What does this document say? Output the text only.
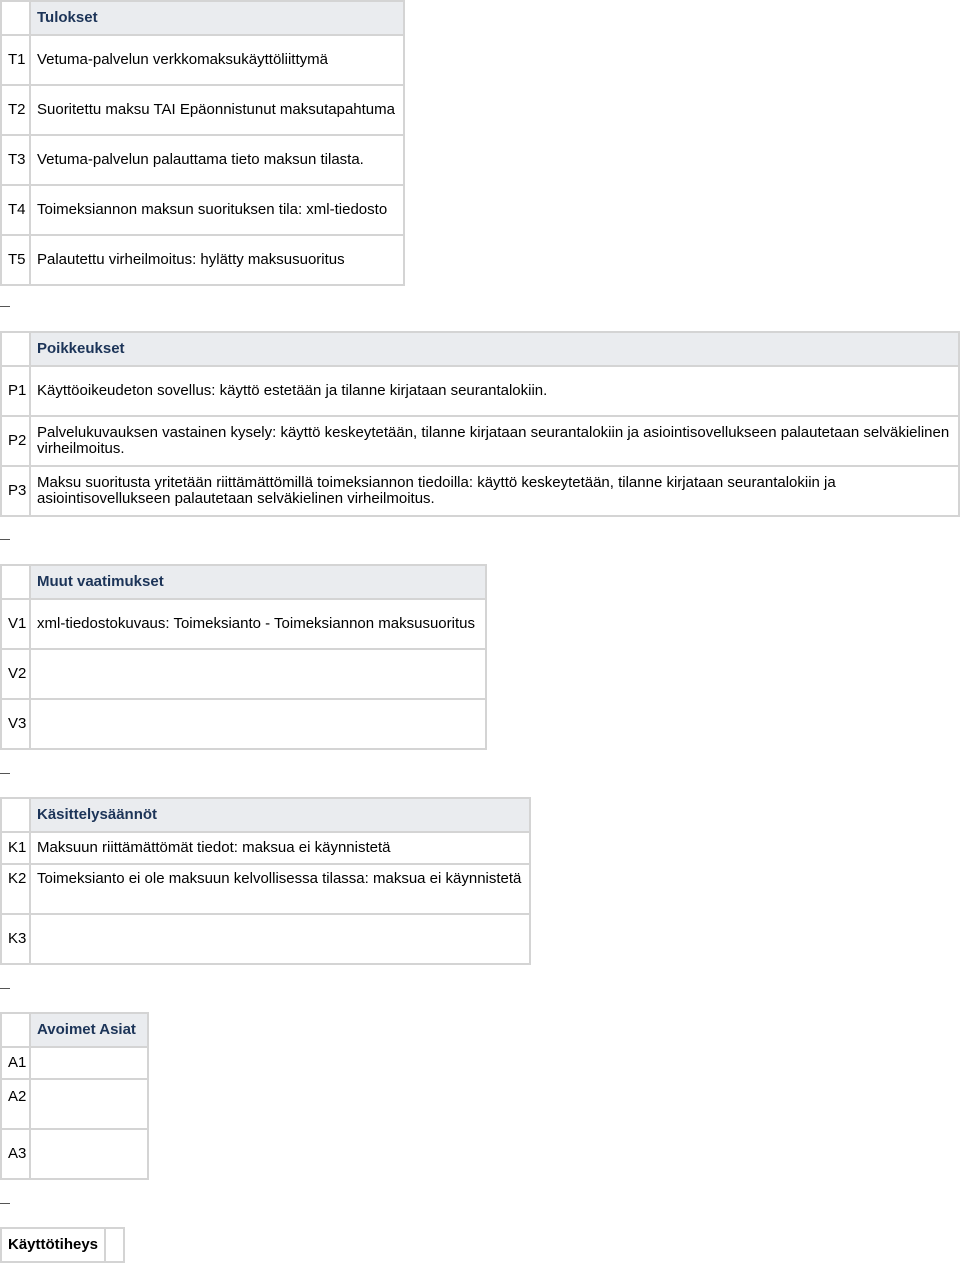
	Tulokset
T1	Vetuma-palvelun verkkomaksukäyttöliittymä
T2	Suoritettu maksu TAI Epäonnistunut maksutapahtuma
T3	Vetuma-palvelun palauttama tieto maksun tilasta.
T4	Toimeksiannon maksun suorituksen tila: xml-tiedosto
T5	Palautettu virheilmoitus: hylätty maksusuoritus
	Poikkeukset
P1	Käyttöoikeudeton sovellus: käyttö estetään ja tilanne kirjataan seurantalokiin.
P2	Palvelukuvauksen vastainen kysely: käyttö keskeytetään, tilanne kirjataan seurantalokiin ja asiointisovellukseen palautetaan selväkielinen virheilmoitus.
P3	Maksu suoritusta yritetään riittämättömillä toimeksiannon tiedoilla: käyttö keskeytetään, tilanne kirjataan seurantalokiin ja asiointisovellukseen palautetaan selväkielinen virheilmoitus.
	Muut vaatimukset
V1	xml-tiedostokuvaus: Toimeksianto - Toimeksiannon maksusuoritus
V2	
V3	
	Käsittelysäännöt
K1	Maksuun riittämättömät tiedot: maksua ei käynnistetä
K2	Toimeksianto ei ole maksuun kelvollisessa tilassa: maksua ei käynnistetä
K3	
	Avoimet Asiat
A1	
A2	
A3	
Käyttötiheys	
